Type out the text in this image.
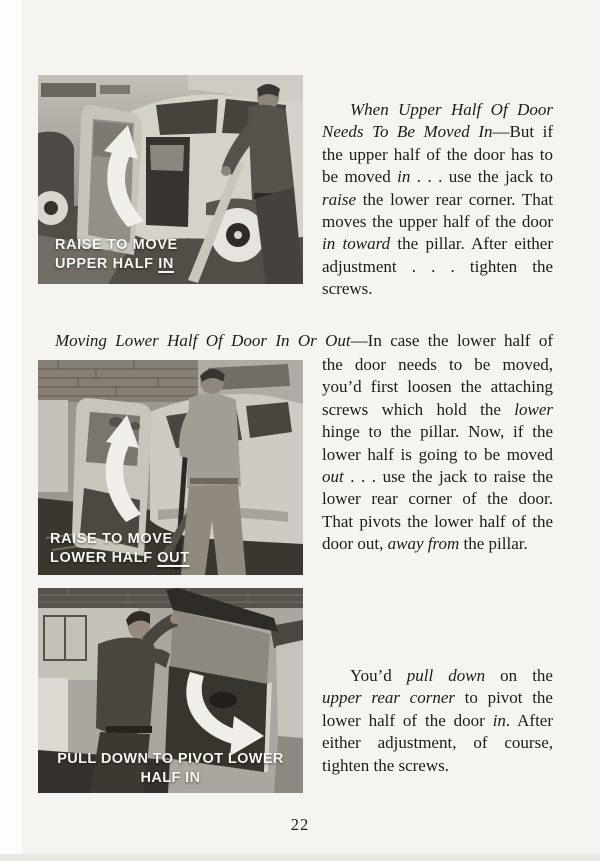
RAISE TO MOVE
UPPER HALF IN

When Upper Half Of Door Needs To Be Moved In—But if the upper half of the door has to be moved in . . . use the jack to raise the lower rear corner. That moves the upper half of the door in toward the pillar. After either adjustment . . . tighten the screws.

Moving Lower Half Of Door In Or Out—In case the lower half of

RAISE TO MOVE
LOWER HALF OUT

the door needs to be moved, you’d first loosen the attaching screws which hold the lower hinge to the pillar. Now, if the lower half is going to be moved out . . . use the jack to raise the lower rear corner of the door. That pivots the lower half of the door out, away from the pillar.

PULL DOWN TO PIVOT LOWER
HALF IN

You’d pull down on the upper rear corner to pivot the lower half of the door in. After either adjustment, of course, tighten the screws.

22
